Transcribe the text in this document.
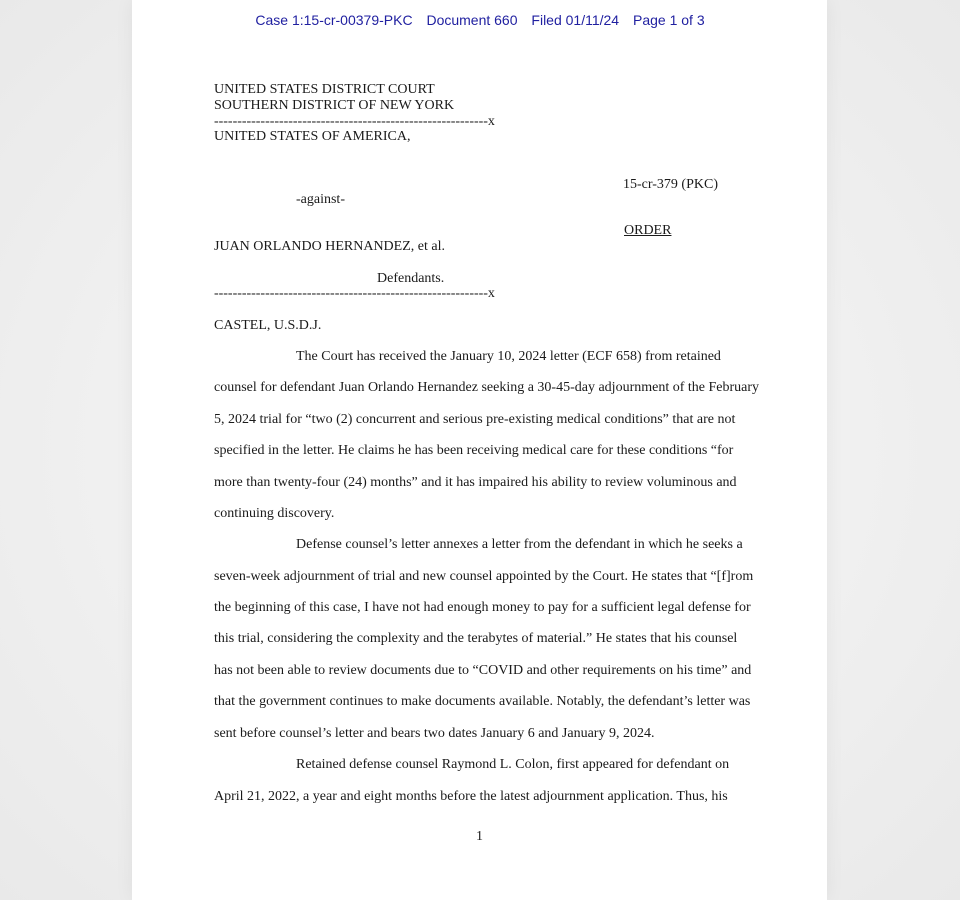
UNITED STATES DISTRICT COURT
SOUTHERN DISTRICT OF NEW YORK
-----------------------------------------------------------x
UNITED STATES OF AMERICA,
15-cr-379 (PKC)
-against-
ORDER
JUAN ORLANDO HERNANDEZ, et al.
Defendants.
-----------------------------------------------------------x
CASTEL, U.S.D.J.
The Court has received the January 10, 2024 letter (ECF 658) from retained
counsel for defendant Juan Orlando Hernandez seeking a 30-45-day adjournment of the February
5, 2024 trial for “two (2) concurrent and serious pre-existing medical conditions” that are not
specified in the letter. He claims he has been receiving medical care for these conditions “for
more than twenty-four (24) months” and it has impaired his ability to review voluminous and
continuing discovery.
Defense counsel’s letter annexes a letter from the defendant in which he seeks a
seven-week adjournment of trial and new counsel appointed by the Court. He states that “[f]rom
the beginning of this case, I have not had enough money to pay for a sufficient legal defense for
this trial, considering the complexity and the terabytes of material.” He states that his counsel
has not been able to review documents due to “COVID and other requirements on his time” and
that the government continues to make documents available. Notably, the defendant’s letter was
sent before counsel’s letter and bears two dates January 6 and January 9, 2024.
Retained defense counsel Raymond L. Colon, first appeared for defendant on
April 21, 2022, a year and eight months before the latest adjournment application. Thus, his
1
Case 1:15-cr-00379-PKC Document 660 Filed 01/11/24 Page 1 of 3
